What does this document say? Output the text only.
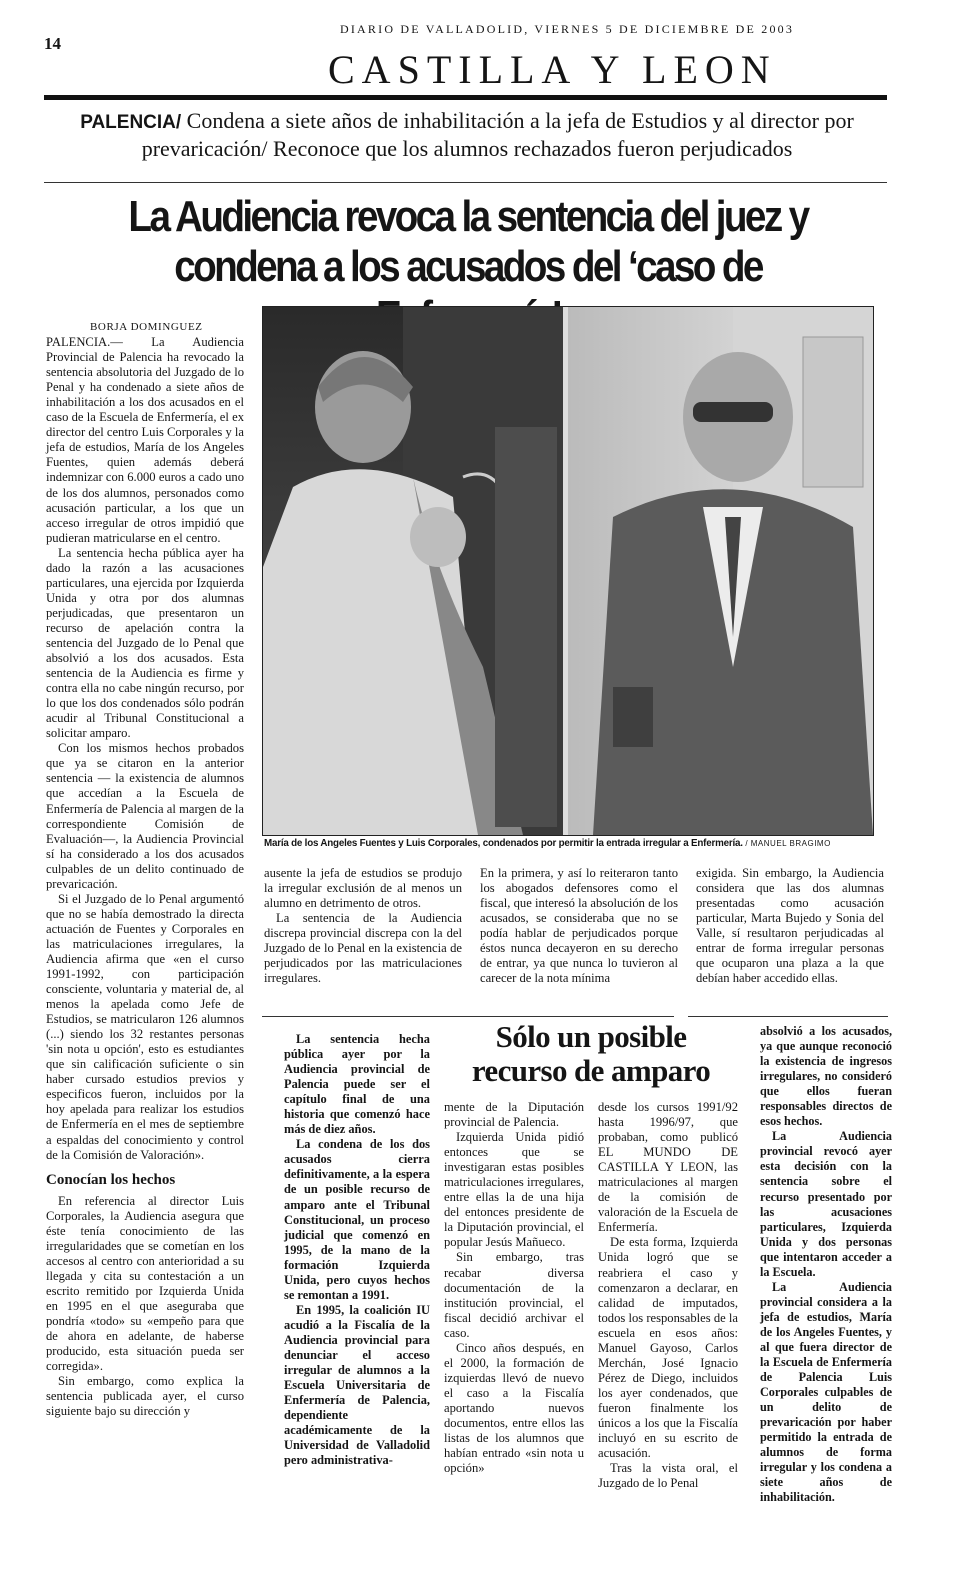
14
DIARIO DE VALLADOLID, VIERNES 5 DE DICIEMBRE DE 2003
CASTILLA Y LEON
PALENCIA/ Condena a siete años de inhabilitación a la jefa de Estudios y al director por prevaricación/ Reconoce que los alumnos rechazados fueron perjudicados
La Audiencia revoca la sentencia del juez y condena a los acusados del ‘caso de

BORJA DOMINGUEZ

PALENCIA.— La Audiencia Provincial de Palencia ha revocado la sentencia absolutoria del Juzgado de lo Penal y ha condenado a siete años de inhabilitación a los dos acusados en el caso de la Escuela de Enfermería, el ex director del centro Luis Corporales y la jefa de estudios, María de los Angeles Fuentes, quien además deberá indemnizar con 6.000 euros a cado uno de los dos alumnos, personados como acusación particular, a los que un acceso irregular de otros impidió que pudieran matricularse en el centro.

La sentencia hecha pública ayer ha dado la razón a las acusaciones particulares, una ejercida por Izquierda Unida y otra por dos alumnas perjudicadas, que presentaron un recurso de apelación contra la sentencia del Juzgado de lo Penal que absolvió a los dos acusados. Esta sentencia de la Audiencia es firme y contra ella no cabe ningún recurso, por lo que los dos condenados sólo podrán acudir al Tribunal Constitucional a solicitar amparo.

Con los mismos hechos probados que ya se citaron en la anterior sentencia — la existencia de alumnos que accedían a la Escuela de Enfermería de Palencia al margen de la correspondiente Comisión de Evaluación—, la Audiencia Provincial sí ha considerado a los dos acusados culpables de un delito continuado de prevaricación.

Si el Juzgado de lo Penal argumentó que no se había demostrado la directa actuación de Fuentes y Corporales en las matriculaciones irregulares, la Audiencia afirma que «en el curso 1991-1992, con participación consciente, voluntaria y material de, al menos la apelada como Jefe de Estudios, se matricularon 126 alumnos (...) siendo los 32 restantes personas 'sin nota u opción', esto es estudiantes que sin calificación suficiente o sin haber cursado estudios previos y especificos fueron, incluidos por la hoy apelada para realizar los estudios de Enfermería en el mes de septiembre a espaldas del conocimiento y control de la Comisión de Valoración».

Conocían los hechos

En referencia al director Luis Corporales, la Audiencia asegura que éste tenía conocimiento de las irregularidades que se cometían en los accesos al centro con anterioridad a su llegada y cita su contestación a un escrito remitido por Izquierda Unida en 1995 en el que aseguraba que pondría «todo» su «empeño para que de ahora en adelante, de haberse producido, esta situación pueda ser corregida».

Sin embargo, como explica la sentencia publicada ayer, el curso siguiente bajo su dirección y

María de los Angeles Fuentes y Luis Corporales, condenados por permitir la entrada irregular a Enfermería. / MANUEL BRAGIMO

ausente la jefa de estudios se produjo la irregular exclusión de al menos un alumno en detrimento de otros.

La sentencia de la Audiencia discrepa provincial discrepa con la del Juzgado de lo Penal en la existencia de perjudicados por las matriculaciones irregulares.

En la primera, y así lo reiteraron tanto los abogados defensores como el fiscal, que interesó la absolución de los acusados, se consideraba que no se podía hablar de perjudicados porque éstos nunca decayeron en su derecho de entrar, ya que nunca lo tuvieron al carecer de la nota mínima

exigida. Sin embargo, la Audiencia considera que las dos alumnas presentadas como acusación particular, Marta Bujedo y Sonia del Valle, sí resultaron perjudicadas al entrar de forma irregular personas que ocuparon una plaza a la que debían haber accedido ellas.

Sólo un posible recurso de amparo

La sentencia hecha pública ayer por la Audiencia provincial de Palencia puede ser el capítulo final de una historia que comenzó hace más de diez años.

La condena de los dos acusados cierra definitivamente, a la espera de un posible recurso de amparo ante el Tribunal Constitucional, un proceso judicial que comenzó en 1995, de la mano de la formación Izquierda Unida, pero cuyos hechos se remontan a 1991.

En 1995, la coalición IU acudió a la Fiscalía de la Audiencia provincial para denunciar el acceso irregular de alumnos a la Escuela Universitaria de Enfermería de Palencia, dependiente académicamente de la Universidad de Valladolid pero administrativa-

mente de la Diputación provincial de Palencia.

Izquierda Unida pidió entonces que se investigaran estas posibles matriculaciones irregulares, entre ellas la de una hija del entonces presidente de la Diputación provincial, el popular Jesús Mañueco.

Sin embargo, tras recabar diversa documentación de la institución provincial, el fiscal decidió archivar el caso.

Cinco años después, en el 2000, la formación de izquierdas llevó de nuevo el caso a la Fiscalía aportando nuevos documentos, entre ellos las listas de los alumnos que habían entrado «sin nota u opción»

desde los cursos 1991/92 hasta 1996/97, que probaban, como publicó EL MUNDO DE CASTILLA Y LEON, las matriculaciones al margen de la comisión de valoración de la Escuela de Enfermería.

De esta forma, Izquierda Unida logró que se reabriera el caso y comenzaron a declarar, en calidad de imputados, todos los responsables de la escuela en esos años: Manuel Gayoso, Carlos Merchán, José Ignacio Pérez de Diego, incluidos los ayer condenados, que fueron finalmente los únicos a los que la Fiscalía incluyó en su escrito de acusación.

Tras la vista oral, el Juzgado de lo Penal

absolvió a los acusados, ya que aunque reconoció la existencia de ingresos irregulares, no consideró que ellos fueran responsables directos de esos hechos.

La Audiencia provincial revocó ayer esta decisión con la sentencia sobre el recurso presentado por las acusaciones particulares, Izquierda Unida y dos personas que intentaron acceder a la Escuela.

La Audiencia provincial considera a la jefa de estudios, María de los Angeles Fuentes, y al que fuera director de la Escuela de Enfermería de Palencia Luis Corporales culpables de un delito de prevaricación por haber permitido la entrada de alumnos de forma irregular y los condena a siete años de inhabilitación.
